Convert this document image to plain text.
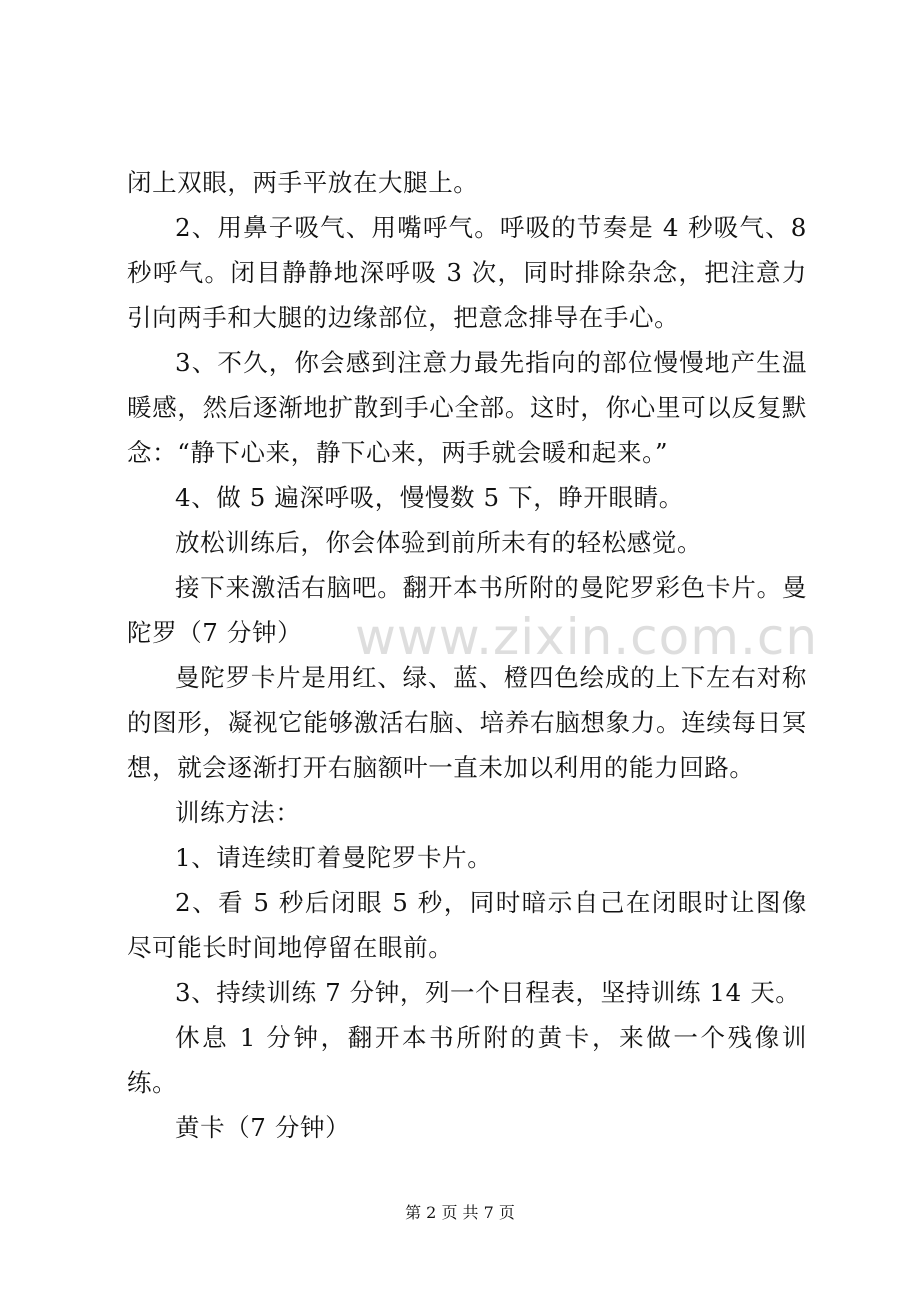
闭上双眼，两手平放在大腿上。

2、用鼻子吸气、用嘴呼气。呼吸的节奏是 4 秒吸气、8 秒呼气。闭目静静地深呼吸 3 次，同时排除杂念，把注意力引向两手和大腿的边缘部位，把意念排导在手心。

3、不久，你会感到注意力最先指向的部位慢慢地产生温暖感，然后逐渐地扩散到手心全部。这时，你心里可以反复默念：“静下心来，静下心来，两手就会暖和起来。”

4、做 5 遍深呼吸，慢慢数 5 下，睁开眼睛。

放松训练后，你会体验到前所未有的轻松感觉。

接下来激活右脑吧。翻开本书所附的曼陀罗彩色卡片。曼陀罗（7 分钟）

曼陀罗卡片是用红、绿、蓝、橙四色绘成的上下左右对称的图形，凝视它能够激活右脑、培养右脑想象力。连续每日冥想，就会逐渐打开右脑额叶一直未加以利用的能力回路。

训练方法：

1、请连续盯着曼陀罗卡片。

2、看 5 秒后闭眼 5 秒，同时暗示自己在闭眼时让图像尽可能长时间地停留在眼前。

3、持续训练 7 分钟，列一个日程表，坚持训练 14 天。

休息 1 分钟，翻开本书所附的黄卡，来做一个残像训练。

黄卡（7 分钟）

www.zixin.com.cn
第 2 页 共 7 页
